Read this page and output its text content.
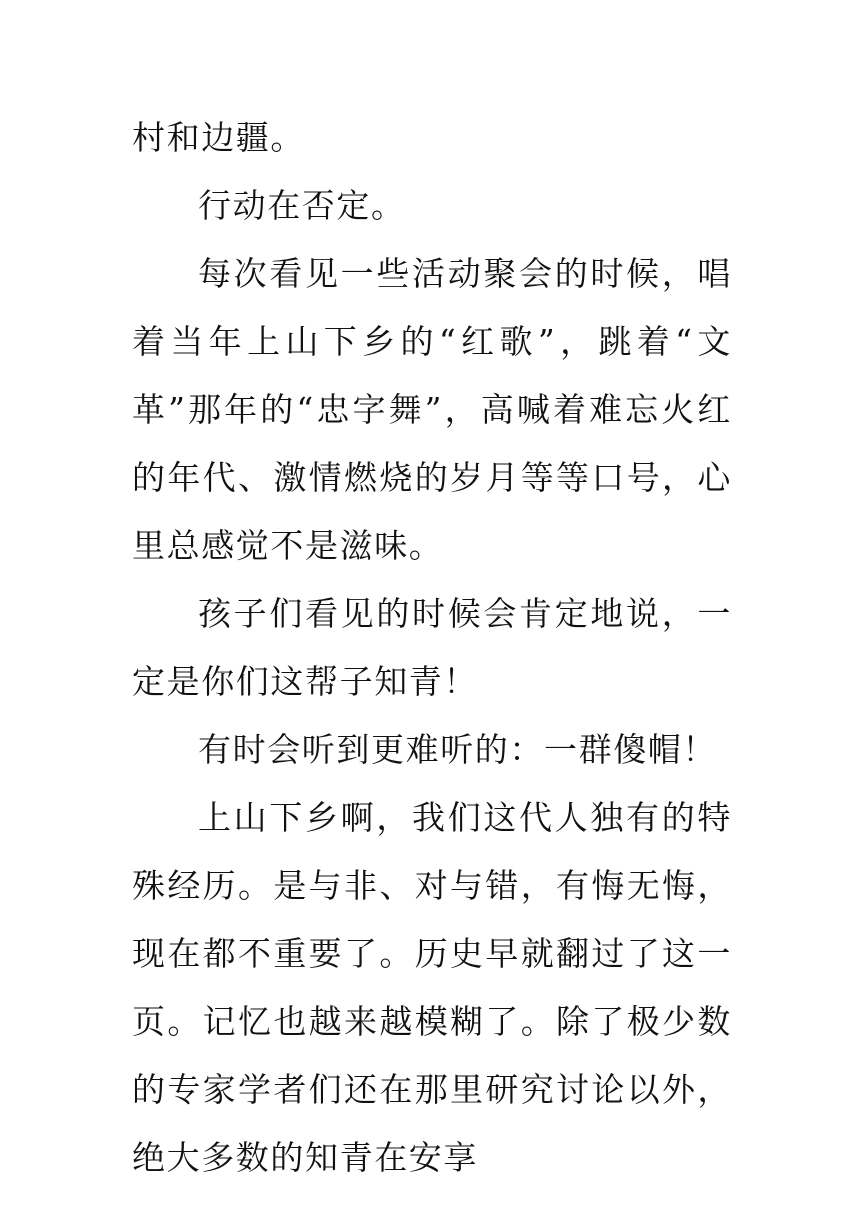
村和边疆。

行动在否定。

每次看见一些活动聚会的时候，唱着当年上山下乡的“红歌”，跳着“文革”那年的“忠字舞”，高喊着难忘火红的年代、激情燃烧的岁月等等口号，心里总感觉不是滋味。

孩子们看见的时候会肯定地说，一定是你们这帮子知青！

有时会听到更难听的：一群傻帽！

上山下乡啊，我们这代人独有的特殊经历。是与非、对与错，有悔无悔，现在都不重要了。历史早就翻过了这一页。记忆也越来越模糊了。除了极少数的专家学者们还在那里研究讨论以外，绝大多数的知青在安享
